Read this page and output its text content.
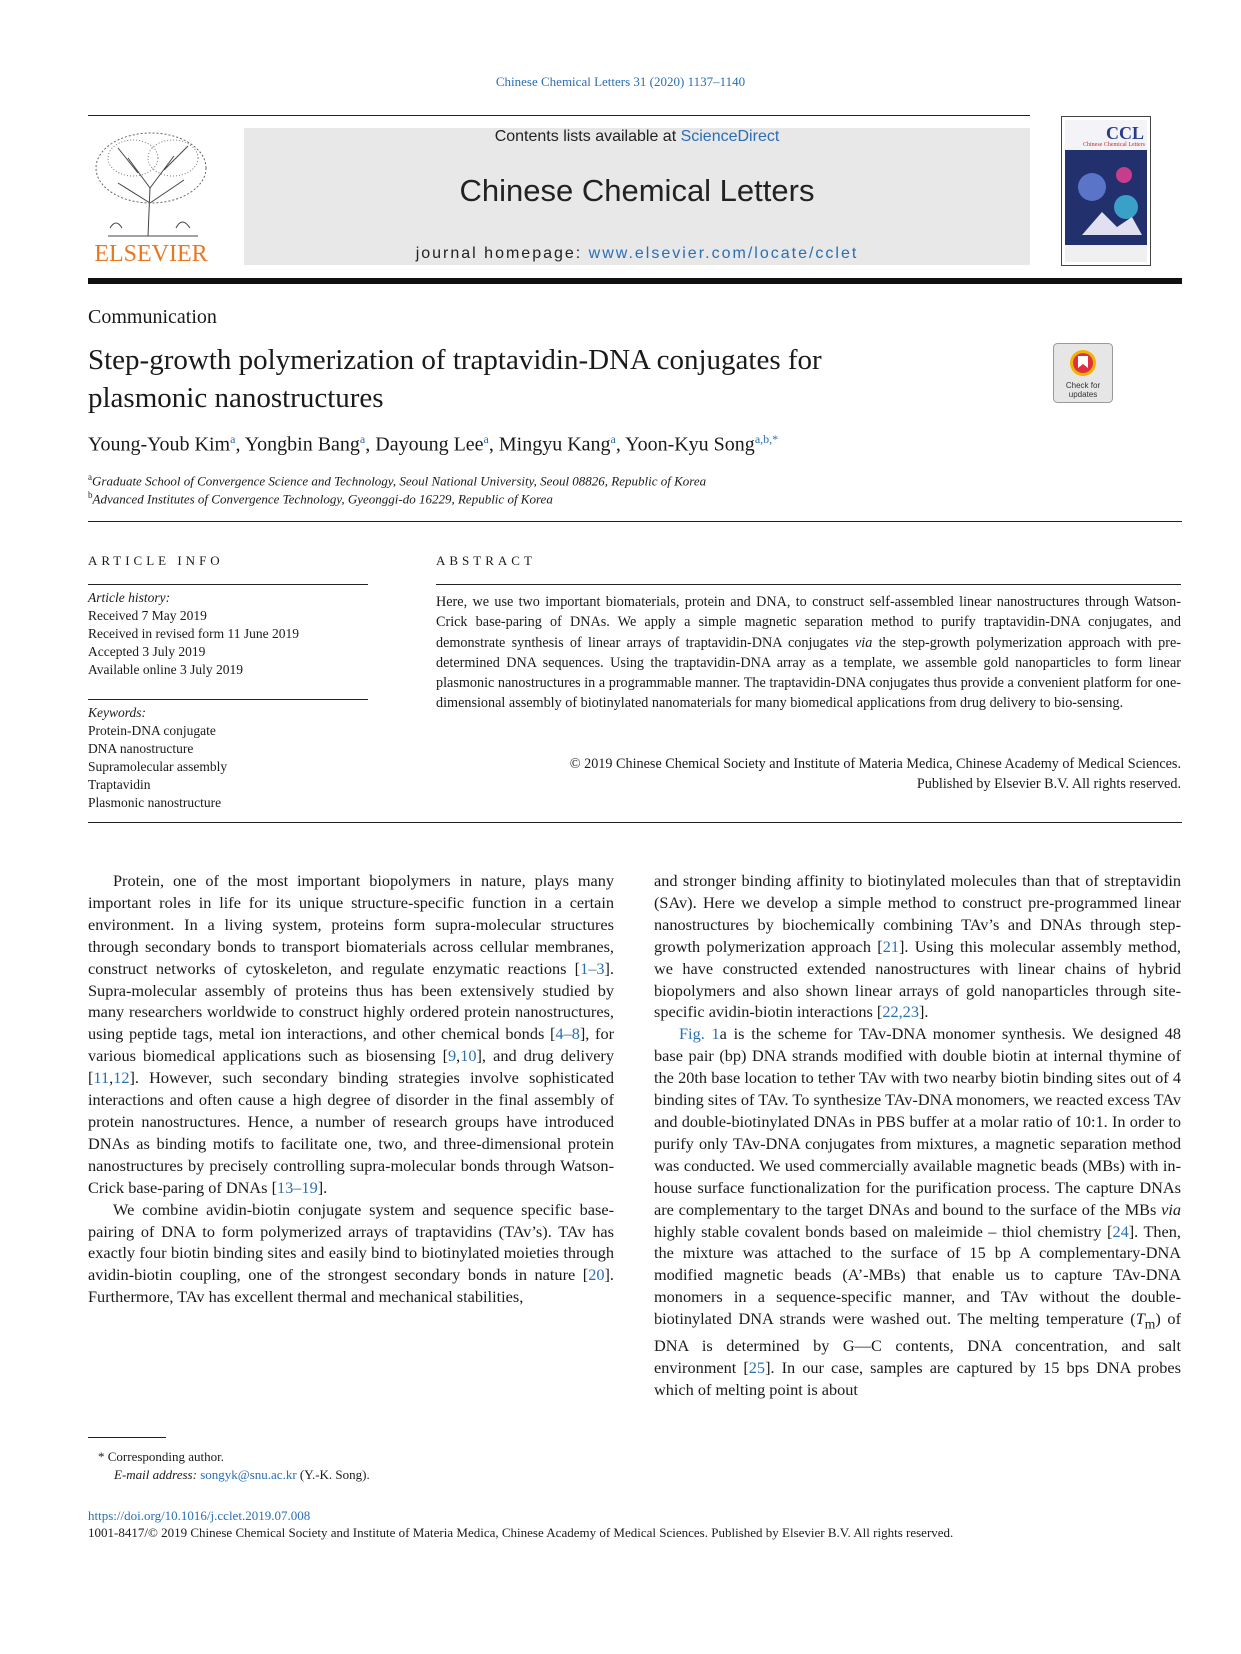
Chinese Chemical Letters 31 (2020) 1137–1140
ELSEVIER
Contents lists available at ScienceDirect
Chinese Chemical Letters
journal homepage: www.elsevier.com/locate/cclet
CCL
Chinese Chemical Letters
Communication
Step-growth polymerization of traptavidin-DNA conjugates for
plasmonic nanostructures	Check for
updates
Young-Youb Kim$^a$, Yongbin Bang$^a$, Dayoung Lee$^a$, Mingyu Kang$^a$, Yoon-Kyu Song$^{a,b,*}$
$^a$Graduate School of Convergence Science and Technology, Seoul National University, Seoul 08826, Republic of Korea
$^b$Advanced Institutes of Convergence Technology, Gyeonggi-do 16229, Republic of Korea
ARTICLE INFO
Article history:
Received 7 May 2019
Received in revised form 11 June 2019
Accepted 3 July 2019
Available online 3 July 2019
Keywords:
Protein-DNA conjugate
DNA nanostructure
Supramolecular assembly
Traptavidin
Plasmonic nanostructure
ABSTRACT
Here, we use two important biomaterials, protein and DNA, to construct self-assembled linear nanostructures through Watson-Crick base-paring of DNAs. We apply a simple magnetic separation method to purify traptavidin-DNA conjugates, and demonstrate synthesis of linear arrays of traptavidin-DNA conjugates via the step-growth polymerization approach with pre-determined DNA sequences. Using the traptavidin-DNA array as a template, we assemble gold nanoparticles to form linear plasmonic nanostructures in a programmable manner. The traptavidin-DNA conjugates thus provide a convenient platform for one-dimensional assembly of biotinylated nanomaterials for many biomedical applications from drug delivery to bio-sensing.
© 2019 Chinese Chemical Society and Institute of Materia Medica, Chinese Academy of Medical Sciences.
Published by Elsevier B.V. All rights reserved.

Protein, one of the most important biopolymers in nature, plays many important roles in life for its unique structure-specific function in a certain environment. In a living system, proteins form supra-molecular structures through secondary bonds to transport biomaterials across cellular membranes, construct networks of cytoskeleton, and regulate enzymatic reactions [1–3]. Supra-molecular assembly of proteins thus has been extensively studied by many researchers worldwide to construct highly ordered protein nanostructures, using peptide tags, metal ion interactions, and other chemical bonds [4–8], for various biomedical applications such as biosensing [9,10], and drug delivery [11,12]. However, such secondary binding strategies involve sophisticated interactions and often cause a high degree of disorder in the final assembly of protein nanostructures. Hence, a number of research groups have introduced DNAs as binding motifs to facilitate one, two, and three-dimensional protein nanostructures by precisely controlling supra-molecular bonds through Watson-Crick base-paring of DNAs [13–19].

We combine avidin-biotin conjugate system and sequence specific base-pairing of DNA to form polymerized arrays of traptavidins (TAv’s). TAv has exactly four biotin binding sites and easily bind to biotinylated moieties through avidin-biotin coupling, one of the strongest secondary bonds in nature [20]. Furthermore, TAv has excellent thermal and mechanical stabilities,

and stronger binding affinity to biotinylated molecules than that of streptavidin (SAv). Here we develop a simple method to construct pre-programmed linear nanostructures by biochemically combining TAv’s and DNAs through step-growth polymerization approach [21]. Using this molecular assembly method, we have constructed extended nanostructures with linear chains of hybrid biopolymers and also shown linear arrays of gold nanoparticles through site-specific avidin-biotin interactions [22,23].

Fig. 1a is the scheme for TAv-DNA monomer synthesis. We designed 48 base pair (bp) DNA strands modified with double biotin at internal thymine of the 20th base location to tether TAv with two nearby biotin binding sites out of 4 binding sites of TAv. To synthesize TAv-DNA monomers, we reacted excess TAv and double-biotinylated DNAs in PBS buffer at a molar ratio of 10:1. In order to purify only TAv-DNA conjugates from mixtures, a magnetic separation method was conducted. We used commercially available magnetic beads (MBs) with in-house surface functionalization for the purification process. The capture DNAs are complementary to the target DNAs and bound to the surface of the MBs via highly stable covalent bonds based on maleimide – thiol chemistry [24]. Then, the mixture was attached to the surface of 15 bp A complementary-DNA modified magnetic beads (A’-MBs) that enable us to capture TAv-DNA monomers in a sequence-specific manner, and TAv without the double-biotinylated DNA strands were washed out. The melting temperature $(T_m)$ of DNA is determined by G—C contents, DNA concentration, and salt environment [25]. In our case, samples are captured by 15 bps DNA probes which of melting point is about

* Corresponding author.
E-mail address: songyk@snu.ac.kr (Y.-K. Song).
https://doi.org/10.1016/j.cclet.2019.07.008
1001-8417/© 2019 Chinese Chemical Society and Institute of Materia Medica, Chinese Academy of Medical Sciences. Published by Elsevier B.V. All rights reserved.
